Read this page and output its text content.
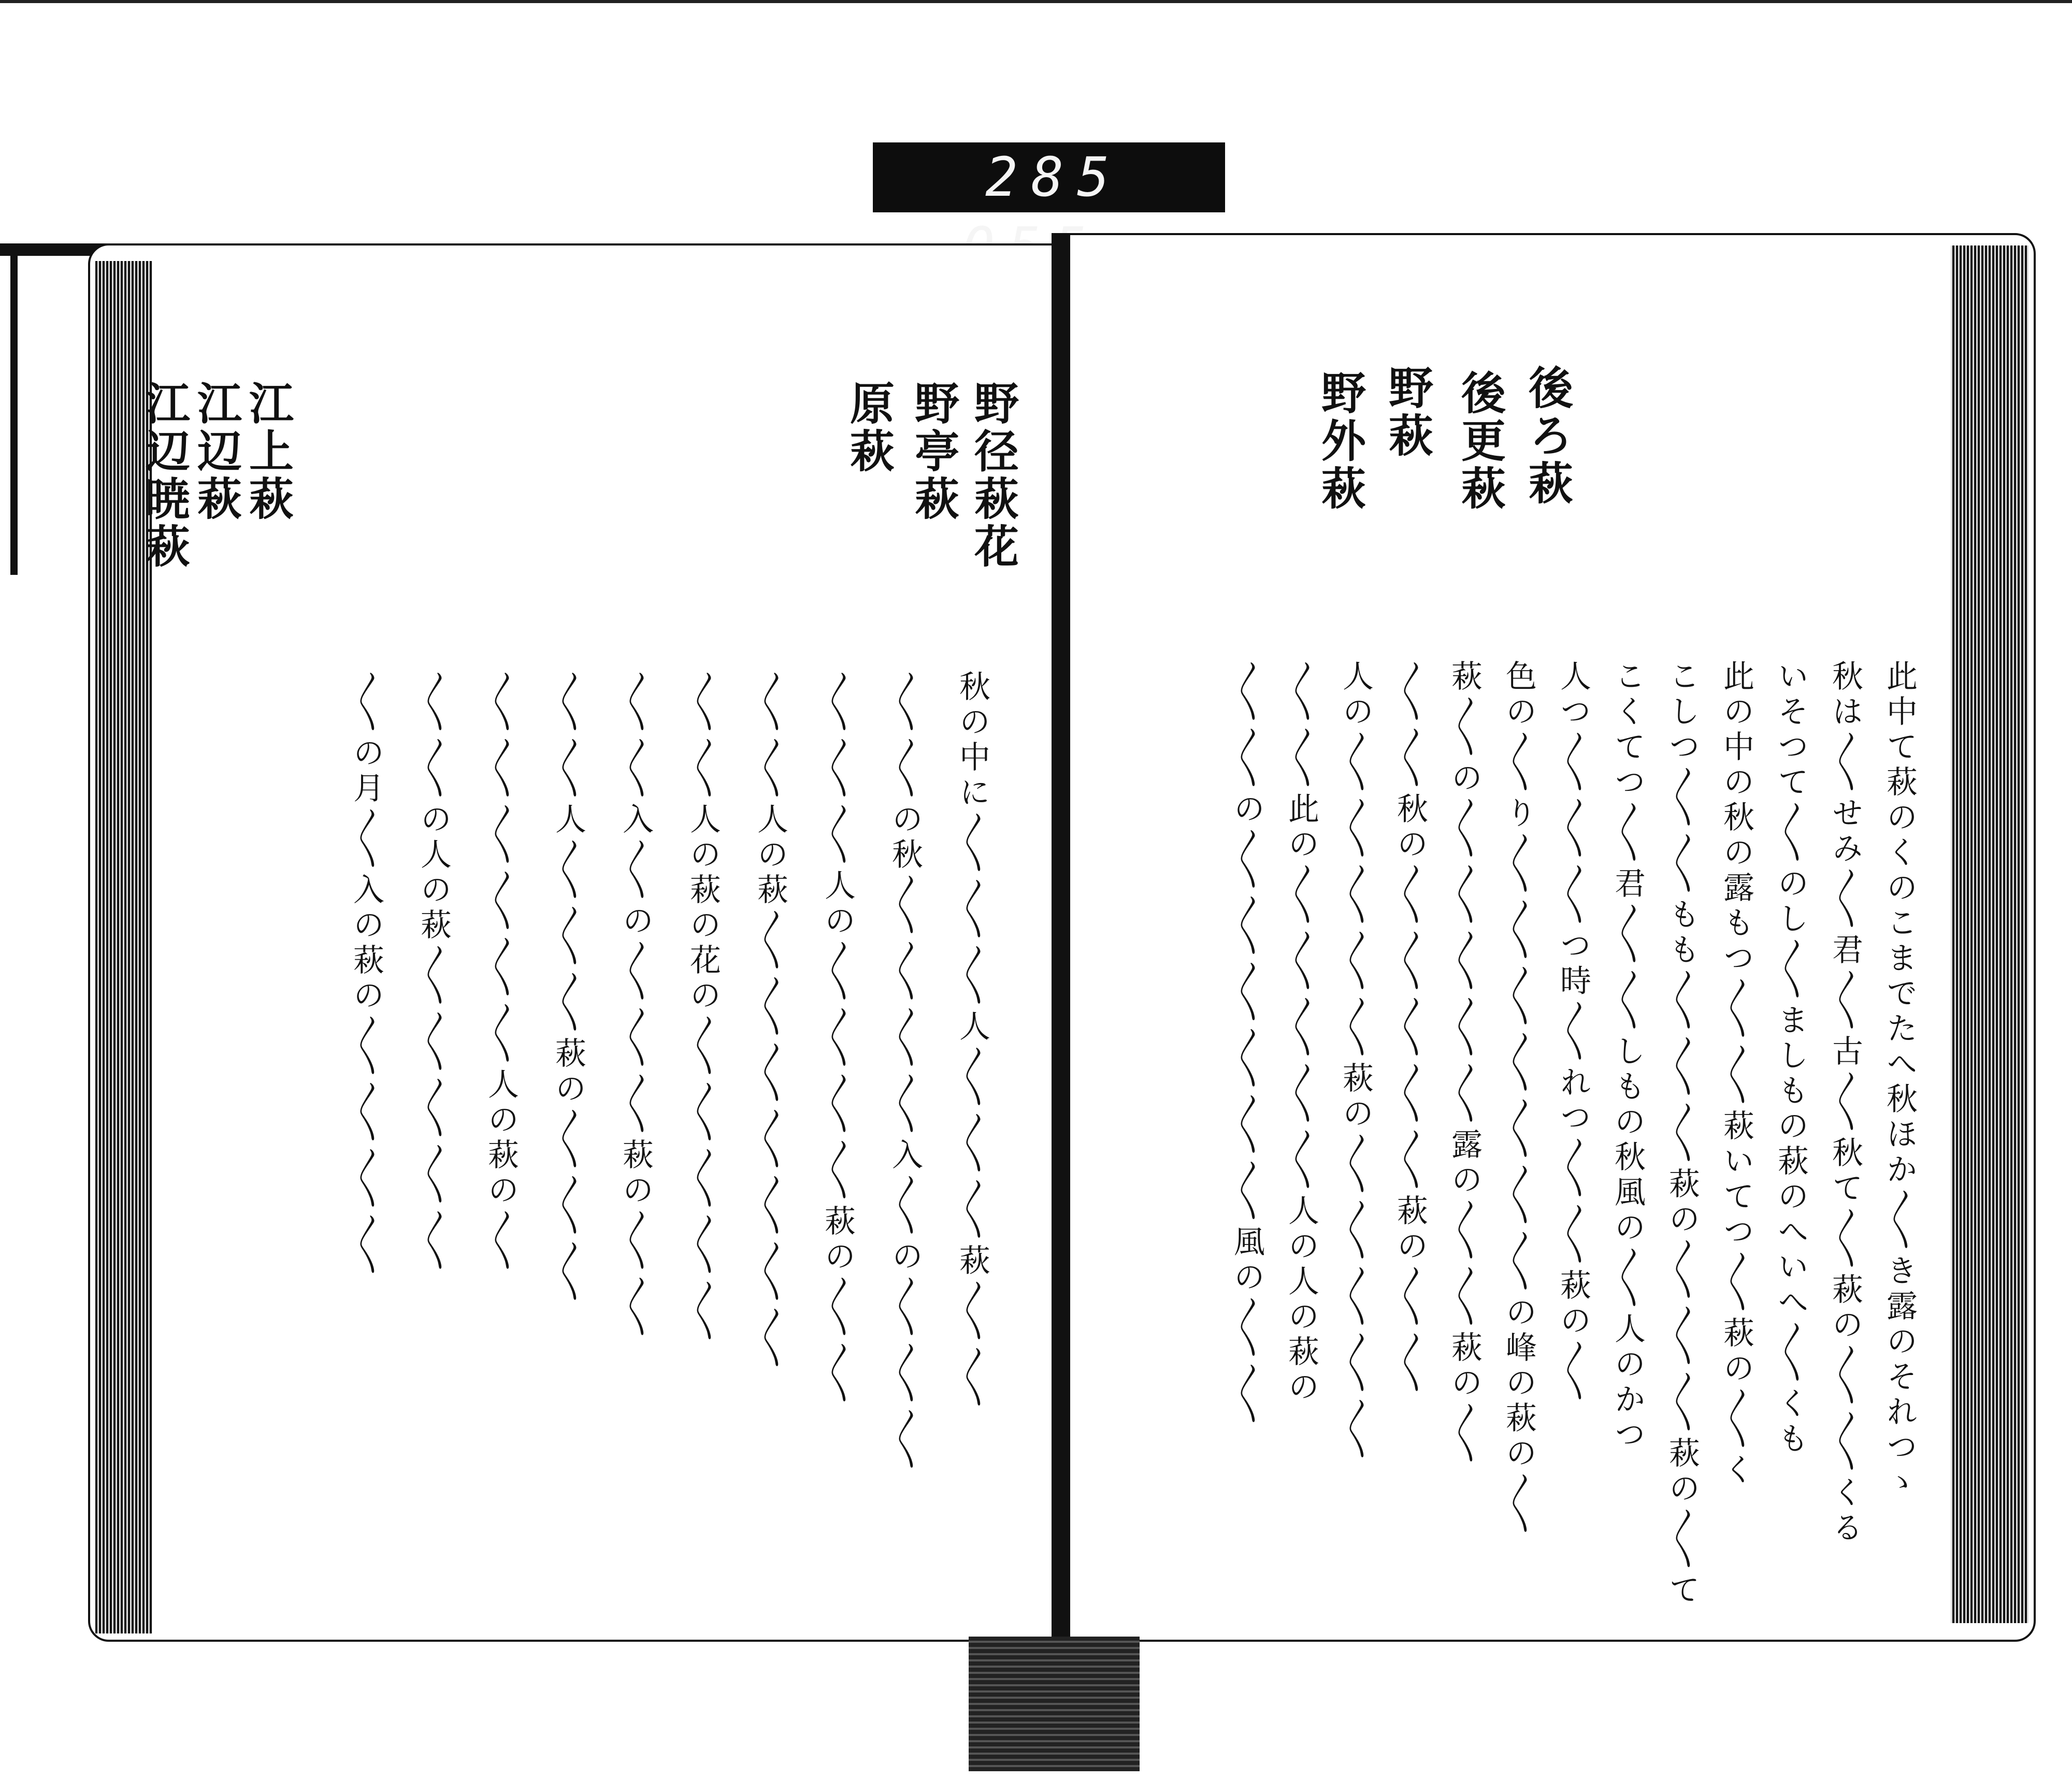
285
野径萩花
野亭萩
原萩
江上萩
江辺萩
江辺暁萩
秋の中に〳〵〳〵〳〵人〳〵〳〵〳〵萩〳〵〳〵
〳〵〳〵の秋〳〵〳〵〳〵〳〵入〳〵の〳〵〳〵〳〵
〳〵〳〵〳〵人の〳〵〳〵〳〵〳〵萩の〳〵〳〵
〳〵〳〵人の萩〳〵〳〵〳〵〳〵〳〵〳〵〳〵
〳〵〳〵人の萩の花の〳〵〳〵〳〵〳〵〳〵
〳〵〳〵入〳〵の〳〵〳〵〳〵萩の〳〵〳〵
〳〵〳〵人〳〵〳〵〳〵萩の〳〵〳〵〳〵
〳〵〳〵〳〵〳〵〳〵〳〵人の萩の〳〵
〳〵〳〵の人の萩〳〵〳〵〳〵〳〵〳〵
〳〵の月〳〵入の萩の〳〵〳〵〳〵〳〵
後ろ萩
後更萩
野萩
野外萩
此中て萩のくのこまでたへ秋ほか〳〵き露のそれつゝ
秋は〳〵せみ〳〵君〳〵古〳〵秋て〳〵萩の〳〵〳〵くる
いそつて〳〵のし〳〵ましもの萩のへいへ〳〵くも
此の中の秋の露もつ〳〵〳〵萩いてつ〳〵萩の〳〵く
こしつ〳〵〳〵もも〳〵〳〵〳〵萩の〳〵〳〵〳〵萩の〳〵て
こくてつ〳〵君〳〵〳〵しもの秋風の〳〵人のかつ
人つ〳〵〳〵〳〵つ時〳〵れつ〳〵〳〵萩の〳〵
色の〳〵り〳〵〳〵〳〵〳〵〳〵〳〵〳〵の峰の萩の〳〵
萩〳〵の〳〵〳〵〳〵〳〵〳〵露の〳〵〳〵萩の〳〵
〳〵〳〵秋の〳〵〳〵〳〵〳〵〳〵萩の〳〵〳〵
人の〳〵〳〵〳〵〳〵〳〵萩の〳〵〳〵〳〵〳〵〳〵
〳〵〳〵此の〳〵〳〵〳〵〳〵〳〵人の人の萩の
〳〵〳〵の〳〵〳〵〳〵〳〵〳〵〳〵風の〳〵〳〵
